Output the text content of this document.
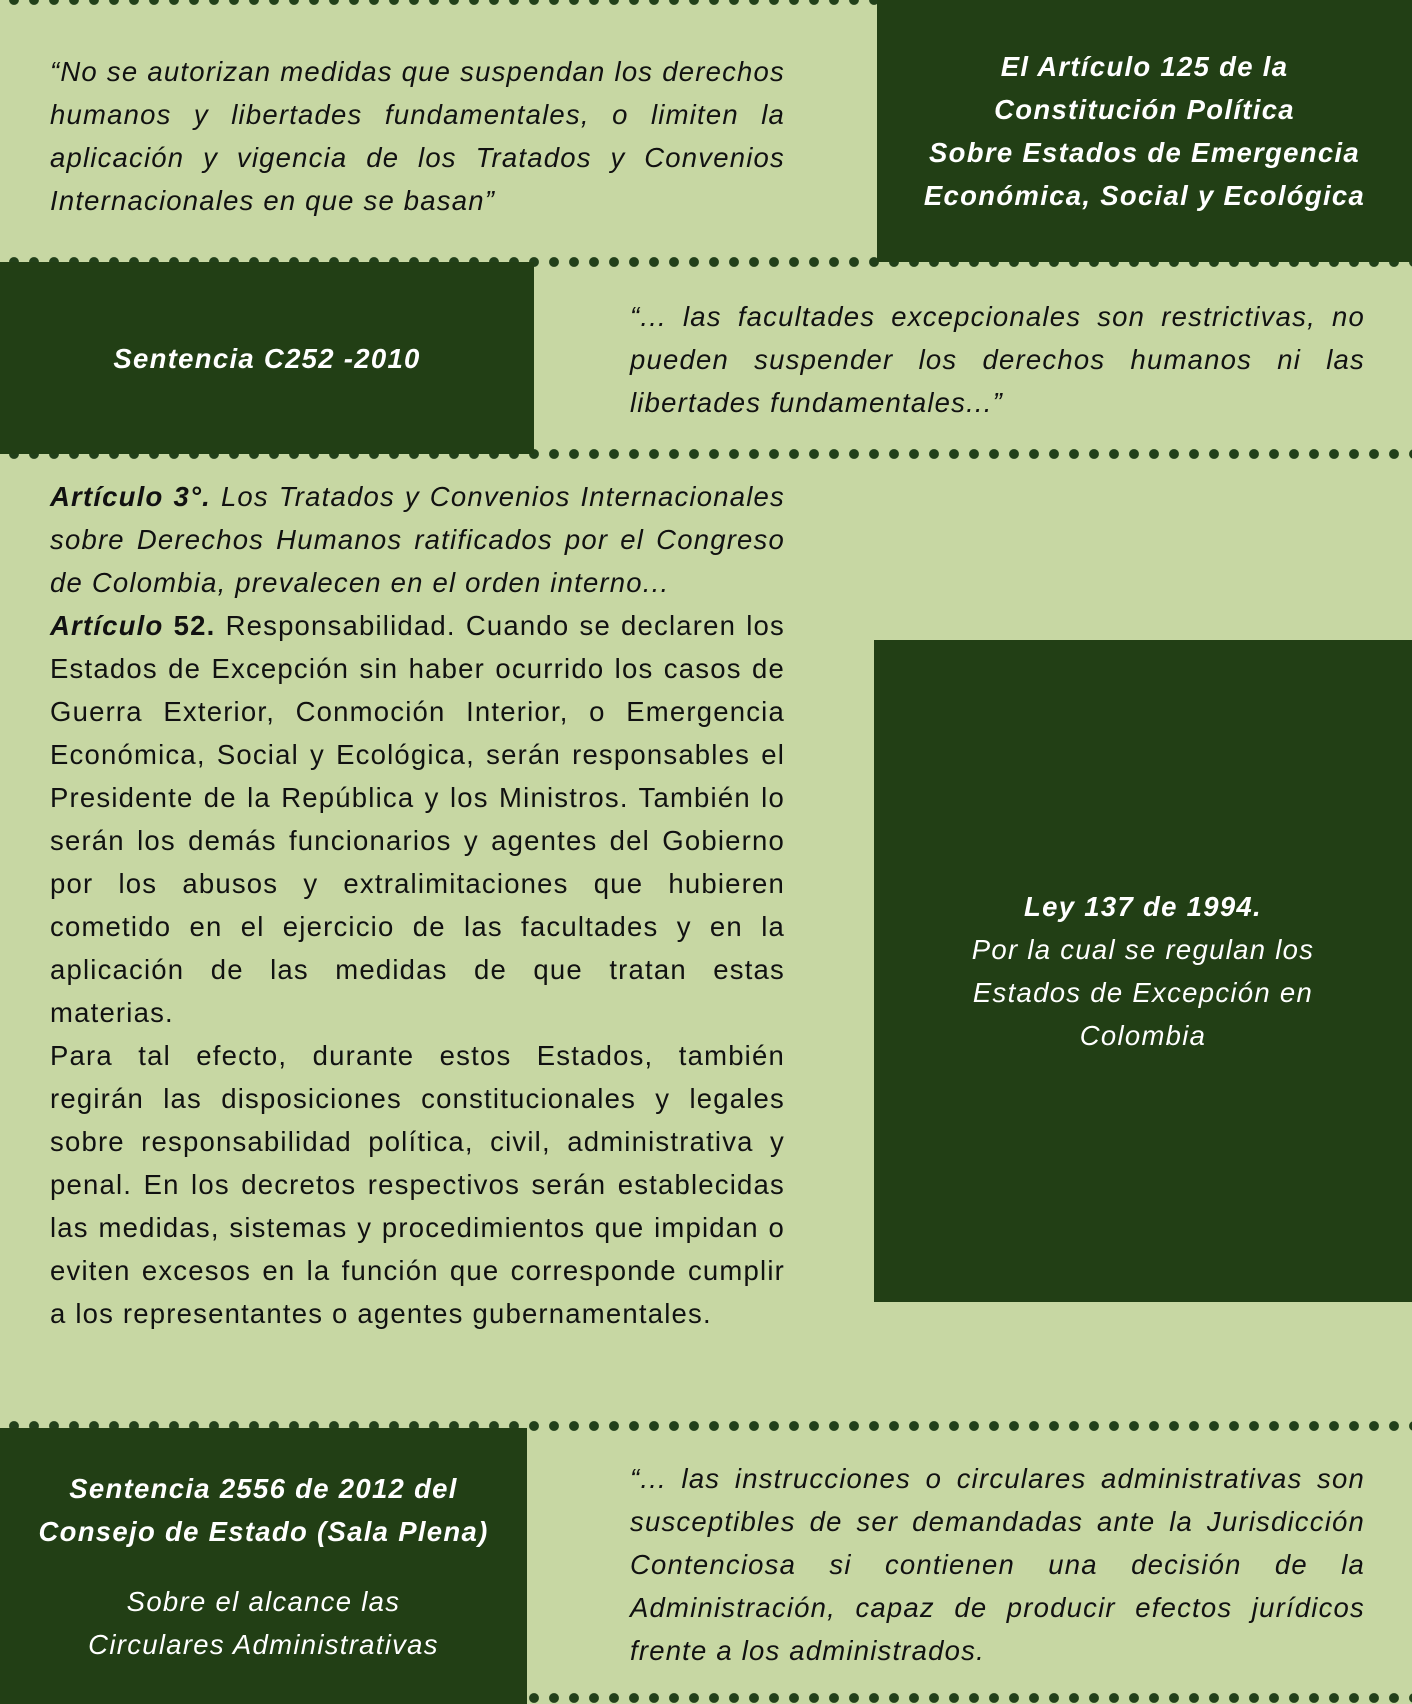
“No se autorizan medidas que suspendan los derechos humanos y libertades fundamentales, o limiten la aplicación y vigencia de los Tratados y Convenios Internacionales en que se basan”

El Artículo 125 de la

Constitución Política

Sobre Estados de Emergencia

Económica, Social y Ecológica

Sentencia C252 -2010

“... las facultades excepcionales son restrictivas, no pueden suspender los derechos humanos ni las libertades fundamentales...”
Artículo 3°. Los Tratados y Convenios Internacionales sobre Derechos Humanos ratificados por el Congreso de Colombia, prevalecen en el orden interno...
Artículo 52. Responsabilidad. Cuando se declaren los Estados de Excepción sin haber ocurrido los casos de Guerra Exterior, Conmoción Interior, o Emergencia Económica, Social y Ecológica, serán responsables el Presidente de la República y los Ministros. También lo serán los demás funcionarios y agentes del Gobierno por los abusos y extralimitaciones que hubieren cometido en el ejercicio de las facultades y en la aplicación de las medidas de que tratan estas materias.
Para tal efecto, durante estos Estados, también regirán las disposiciones constitucionales y legales sobre responsabilidad política, civil, administrativa y penal. En los decretos respectivos serán establecidas las medidas, sistemas y procedimientos que impidan o eviten excesos en la función que corresponde cumplir a los representantes o agentes gubernamentales.

Ley 137 de 1994.

Por la cual se regulan los

Estados de Excepción en

Colombia

Sentencia 2556 de 2012 del

Consejo de Estado (Sala Plena)

Sobre el alcance las

Circulares Administrativas

“... las instrucciones o circulares administrativas son susceptibles de ser demandadas ante la Jurisdicción Contenciosa si contienen una decisión de la Administración, capaz de producir efectos jurídicos frente a los administrados.
